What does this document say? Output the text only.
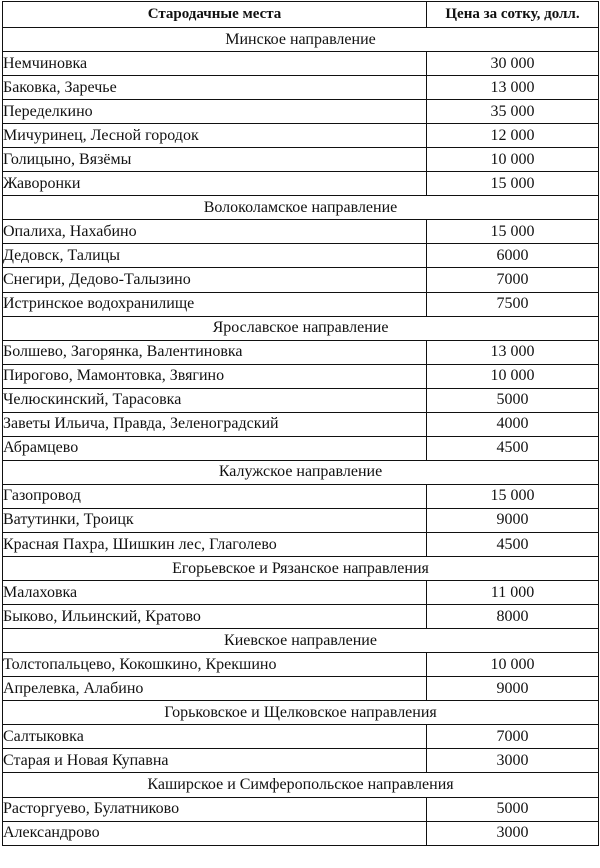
Стародачные места	Цена за сотку, долл.
Минское направление	
Немчиновка	30 000
Баковка, Заречье	13 000
Переделкино	35 000
Мичуринец, Лесной городок	12 000
Голицыно, Вязёмы	10 000
Жаворонки	15 000
Волоколамское направление	
Опалиха, Нахабино	15 000
Дедовск, Талицы	6000
Снегири, Дедово-Талызино	7000
Истринское водохранилище	7500
Ярославское направление	
Болшево, Загорянка, Валентиновка	13 000
Пирогово, Мамонтовка, Звягино	10 000
Челюскинский, Тарасовка	5000
Заветы Ильича, Правда, Зеленоградский	4000
Абрамцево	4500
Калужское направление	
Газопровод	15 000
Ватутинки, Троицк	9000
Красная Пахра, Шишкин лес, Глаголево	4500
Егорьевское и Рязанское направления	
Малаховка	11 000
Быково, Ильинский, Кратово	8000
Киевское направление	
Толстопальцево, Кокошкино, Крекшино	10 000
Апрелевка, Алабино	9000
Горьковское и Щелковское направления	
Салтыковка	7000
Старая и Новая Купавна	3000
Каширское и Симферопольское направления	
Расторгуево, Булатниково	5000
Александрово	3000
